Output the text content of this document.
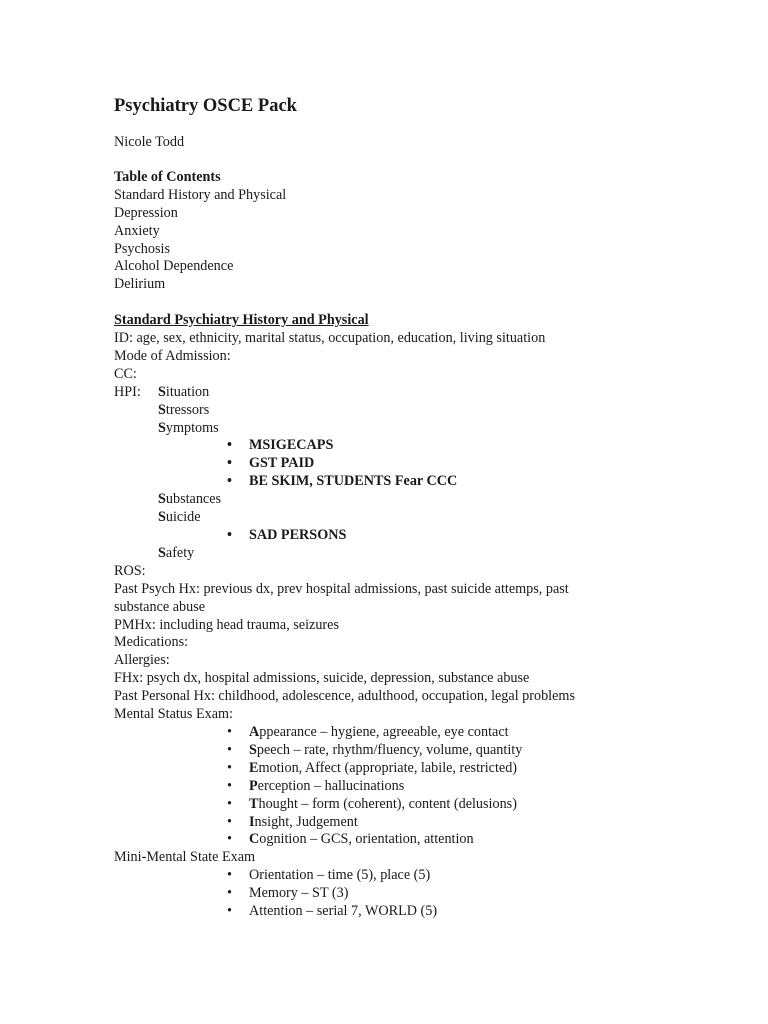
Psychiatry OSCE Pack
Nicole Todd
Table of Contents
Standard History and Physical
Depression
Anxiety
Psychosis
Alcohol Dependence
Delirium
Standard Psychiatry History and Physical
ID: age, sex, ethnicity, marital status, occupation, education, living situation
Mode of Admission:
CC:
HPI: Situation
Stressors
Symptoms
• MSIGECAPS
• GST PAID
• BE SKIM, STUDENTS Fear CCC
Substances
Suicide
• SAD PERSONS
Safety
ROS:
Past Psych Hx: previous dx, prev hospital admissions, past suicide attemps, past
substance abuse
PMHx: including head trauma, seizures
Medications:
Allergies:
FHx: psych dx, hospital admissions, suicide, depression, substance abuse
Past Personal Hx: childhood, adolescence, adulthood, occupation, legal problems
Mental Status Exam:
• Appearance – hygiene, agreeable, eye contact
• Speech – rate, rhythm/fluency, volume, quantity
• Emotion, Affect (appropriate, labile, restricted)
• Perception – hallucinations
• Thought – form (coherent), content (delusions)
• Insight, Judgement
• Cognition – GCS, orientation, attention
Mini-Mental State Exam
• Orientation – time (5), place (5)
• Memory – ST (3)
• Attention – serial 7, WORLD (5)
